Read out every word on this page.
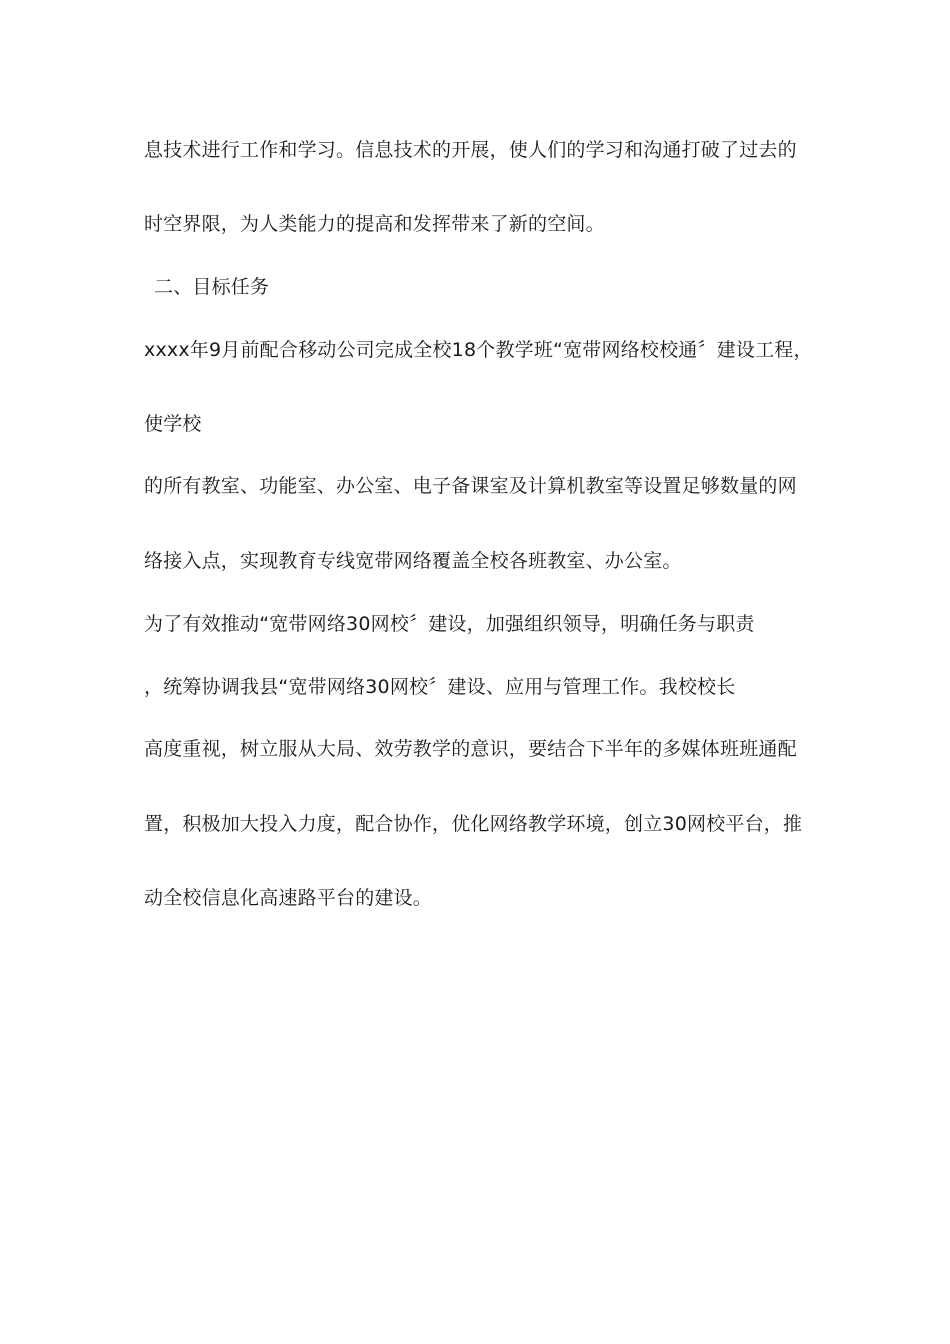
息技术进行工作和学习。信息技术的开展，使人们的学习和沟通打破了过去的
时空界限，为人类能力的提高和发挥带来了新的空间。
二、目标任务
xxxx年9月前配合移动公司完成全校18个教学班“宽带网络校校通〞建设工程，
使学校
的所有教室、功能室、办公室、电子备课室及计算机教室等设置足够数量的网
络接入点，实现教育专线宽带网络覆盖全校各班教室、办公室。
为了有效推动“宽带网络30网校〞建设，加强组织领导，明确任务与职责
，统筹协调我县“宽带网络30网校〞建设、应用与管理工作。我校校长
高度重视，树立服从大局、效劳教学的意识，要结合下半年的多媒体班班通配
置，积极加大投入力度，配合协作，优化网络教学环境，创立30网校平台，推
动全校信息化高速路平台的建设。
